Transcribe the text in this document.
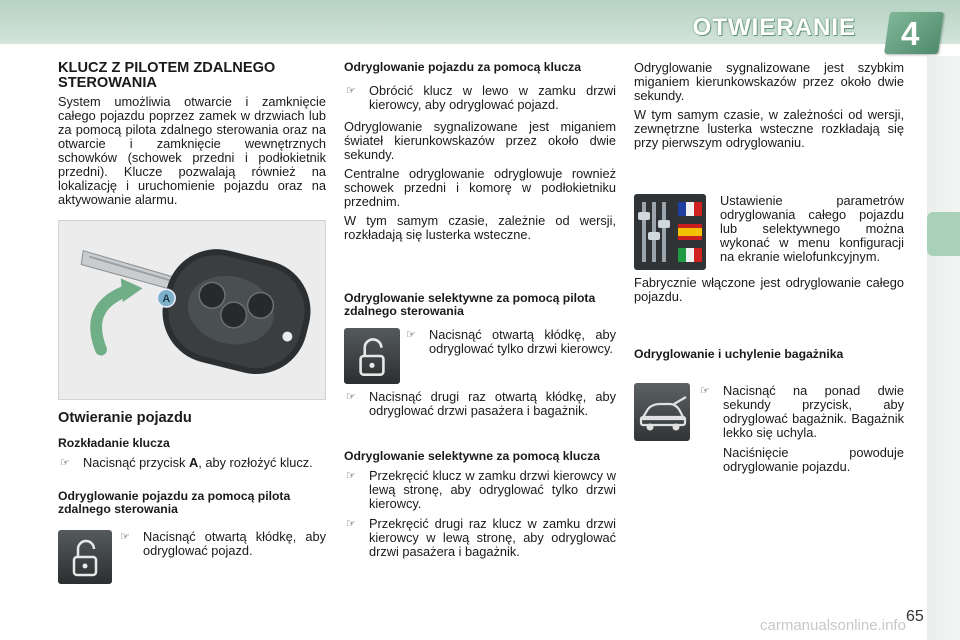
OTWIERANIE 4
KLUCZ Z PILOTEM ZDALNEGO STEROWANIA

System umożliwia otwarcie i zamknięcie całego pojazdu poprzez zamek w drzwiach lub za pomocą pilota zdalnego sterowania oraz na otwarcie i zamknięcie wewnętrznych schowków (schowek przedni i podłokietnik przedni). Klucze pozwalają również na lokalizację i uruchomienie pojazdu oraz na aktywowanie alarmu.

A
Otwieranie pojazdu
Rozkładanie klucza
☞ Nacisnąć przycisk A, aby rozłożyć klucz.
Odryglowanie pojazdu za pomocą pilota zdalnego sterowania
☞ Nacisnąć otwartą kłódkę, aby odryglować pojazd.
Odryglowanie pojazdu za pomocą klucza
☞ Obrócić klucz w lewo w zamku drzwi kierowcy, aby odryglować pojazd.

Odryglowanie sygnalizowane jest miganiem świateł kierunkowskazów przez około dwie sekundy.

Centralne odryglowanie odryglowuje rownież schowek przedni i komorę w podłokietniku przednim.

W tym samym czasie, zależnie od wersji, rozkładają się lusterka wsteczne.

Odryglowanie selektywne za pomocą pilota zdalnego sterowania
☞ Nacisnąć otwartą kłódkę, aby odryglować tylko drzwi kierowcy.
☞ Nacisnąć drugi raz otwartą kłódkę, aby odryglować drzwi pasażera i bagażnik.
Odryglowanie selektywne za pomocą klucza
☞ Przekręcić klucz w zamku drzwi kierowcy w lewą stronę, aby odryglować tylko drzwi kierowcy.
☞ Przekręcić drugi raz klucz w zamku drzwi kierowcy w lewą stronę, aby odryglować drzwi pasażera i bagażnik.

Odryglowanie sygnalizowane jest szybkim miganiem kierunkowskazów przez około dwie sekundy.

W tym samym czasie, w zależności od wersji, zewnętrzne lusterka wsteczne rozkładają się przy pierwszym odryglowaniu.

Ustawienie parametrów odryglowania całego pojazdu lub selektywnego można wykonać w menu konfiguracji na ekranie wielofunkcyjnym.
Fabrycznie włączone jest odryglowanie całego pojazdu.
Odryglowanie i uchylenie bagażnika
☞ Nacisnąć na ponad dwie sekundy przycisk, aby odryglować bagażnik. Bagażnik lekko się uchyla.
Naciśnięcie powoduje odryglowanie pojazdu.
65
carmanualsonline.info
